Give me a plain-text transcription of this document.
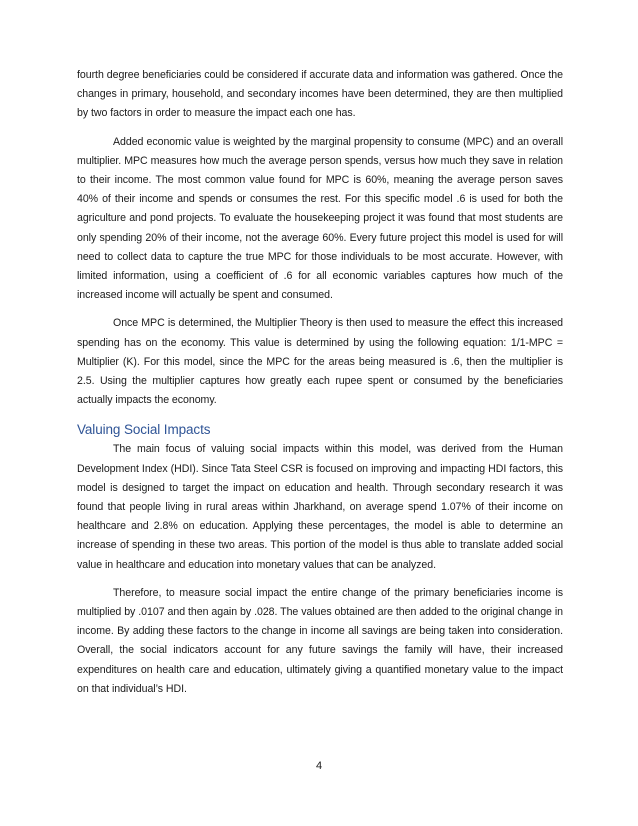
fourth degree beneficiaries could be considered if accurate data and information was gathered. Once the changes in primary, household, and secondary incomes have been determined, they are then multiplied by two factors in order to measure the impact each one has.

Added economic value is weighted by the marginal propensity to consume (MPC) and an overall multiplier. MPC measures how much the average person spends, versus how much they save in relation to their income. The most common value found for MPC is 60%, meaning the average person saves 40% of their income and spends or consumes the rest. For this specific model .6 is used for both the agriculture and pond projects. To evaluate the housekeeping project it was found that most students are only spending 20% of their income, not the average 60%. Every future project this model is used for will need to collect data to capture the true MPC for those individuals to be most accurate. However, with limited information, using a coefficient of .6 for all economic variables captures how much of the increased income will actually be spent and consumed.

Once MPC is determined, the Multiplier Theory is then used to measure the effect this increased spending has on the economy. This value is determined by using the following equation: 1/1-MPC = Multiplier (K). For this model, since the MPC for the areas being measured is .6, then the multiplier is 2.5. Using the multiplier captures how greatly each rupee spent or consumed by the beneficiaries actually impacts the economy.

Valuing Social Impacts

The main focus of valuing social impacts within this model, was derived from the Human Development Index (HDI). Since Tata Steel CSR is focused on improving and impacting HDI factors, this model is designed to target the impact on education and health. Through secondary research it was found that people living in rural areas within Jharkhand, on average spend 1.07% of their income on healthcare and 2.8% on education. Applying these percentages, the model is able to determine an increase of spending in these two areas. This portion of the model is thus able to translate added social value in healthcare and education into monetary values that can be analyzed.

Therefore, to measure social impact the entire change of the primary beneficiaries income is multiplied by .0107 and then again by .028. The values obtained are then added to the original change in income. By adding these factors to the change in income all savings are being taken into consideration. Overall, the social indicators account for any future savings the family will have, their increased expenditures on health care and education, ultimately giving a quantified monetary value to the impact on that individual’s HDI.

4
